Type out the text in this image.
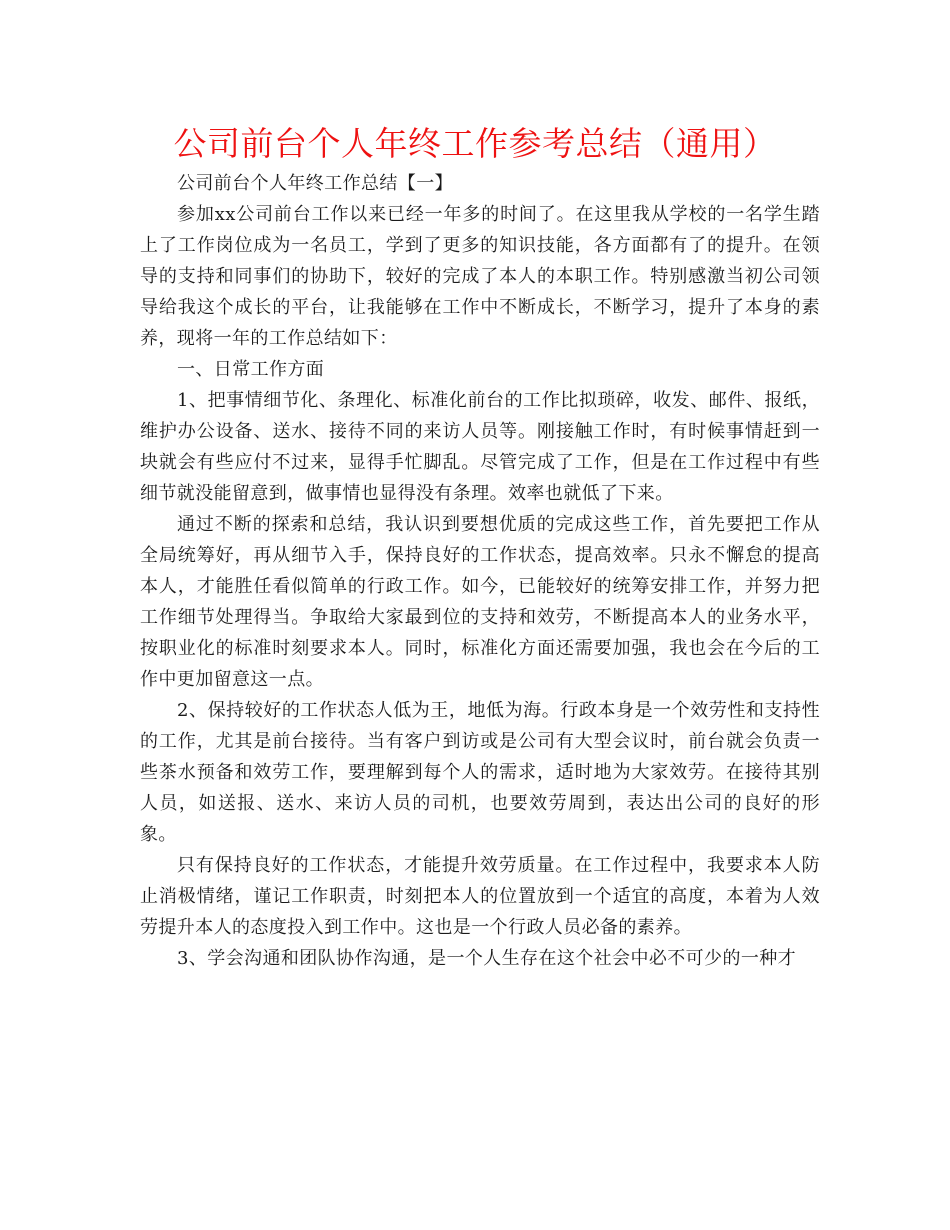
公司前台个人年终工作参考总结（通用）

公司前台个人年终工作总结【一】

参加xx公司前台工作以来已经一年多的时间了。在这里我从学校的一名学生踏上了工作岗位成为一名员工，学到了更多的知识技能，各方面都有了的提升。在领导的支持和同事们的协助下，较好的完成了本人的本职工作。特别感激当初公司领导给我这个成长的平台，让我能够在工作中不断成长，不断学习，提升了本身的素养，现将一年的工作总结如下：

一、日常工作方面

1、把事情细节化、条理化、标准化前台的工作比拟琐碎，收发、邮件、报纸，维护办公设备、送水、接待不同的来访人员等。刚接触工作时，有时候事情赶到一块就会有些应付不过来，显得手忙脚乱。尽管完成了工作，但是在工作过程中有些细节就没能留意到，做事情也显得没有条理。效率也就低了下来。

通过不断的探索和总结，我认识到要想优质的完成这些工作，首先要把工作从全局统筹好，再从细节入手，保持良好的工作状态，提高效率。只永不懈怠的提高本人，才能胜任看似简单的行政工作。如今，已能较好的统筹安排工作，并努力把工作细节处理得当。争取给大家最到位的支持和效劳，不断提高本人的业务水平，按职业化的标准时刻要求本人。同时，标准化方面还需要加强，我也会在今后的工作中更加留意这一点。

2、保持较好的工作状态人低为王，地低为海。行政本身是一个效劳性和支持性的工作，尤其是前台接待。当有客户到访或是公司有大型会议时，前台就会负责一些茶水预备和效劳工作，要理解到每个人的需求，适时地为大家效劳。在接待其别人员，如送报、送水、来访人员的司机，也要效劳周到，表达出公司的良好的形象。

只有保持良好的工作状态，才能提升效劳质量。在工作过程中，我要求本人防止消极情绪，谨记工作职责，时刻把本人的位置放到一个适宜的高度，本着为人效劳提升本人的态度投入到工作中。这也是一个行政人员必备的素养。

3、学会沟通和团队协作沟通，是一个人生存在这个社会中必不可少的一种才
